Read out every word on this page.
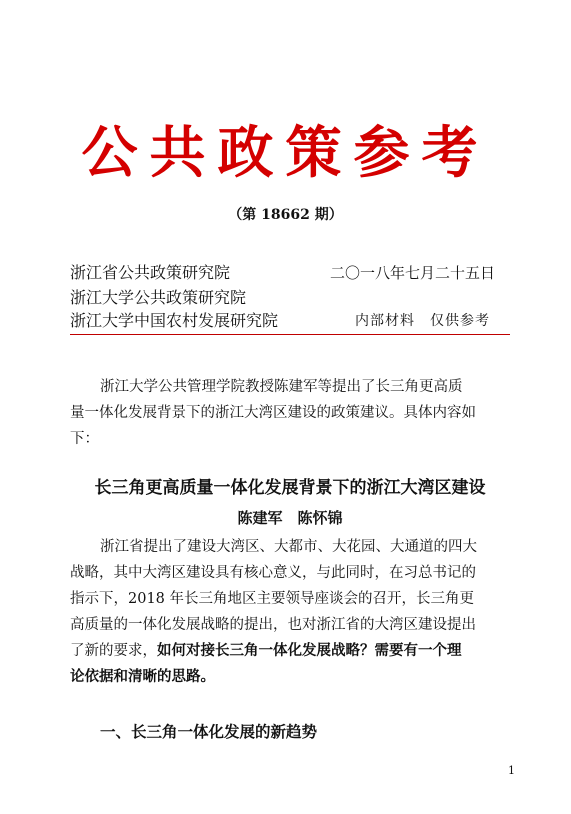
公共政策参考
（第 18662 期）
浙江省公共政策研究院
浙江大学公共政策研究院
浙江大学中国农村发展研究院
二〇一八年七月二十五日
内部材料　仅供参考
浙江大学公共管理学院教授陈建军等提出了长三角更高质
量一体化发展背景下的浙江大湾区建设的政策建议。具体内容如
下：
长三角更高质量一体化发展背景下的浙江大湾区建设
陈建军　陈怀锦
浙江省提出了建设大湾区、大都市、大花园、大通道的四大
战略，其中大湾区建设具有核心意义，与此同时，在习总书记的
指示下，2018 年长三角地区主要领导座谈会的召开，长三角更
高质量的一体化发展战略的提出，也对浙江省的大湾区建设提出
了新的要求，如何对接长三角一体化发展战略？需要有一个理
论依据和清晰的思路。
一、长三角一体化发展的新趋势
1
